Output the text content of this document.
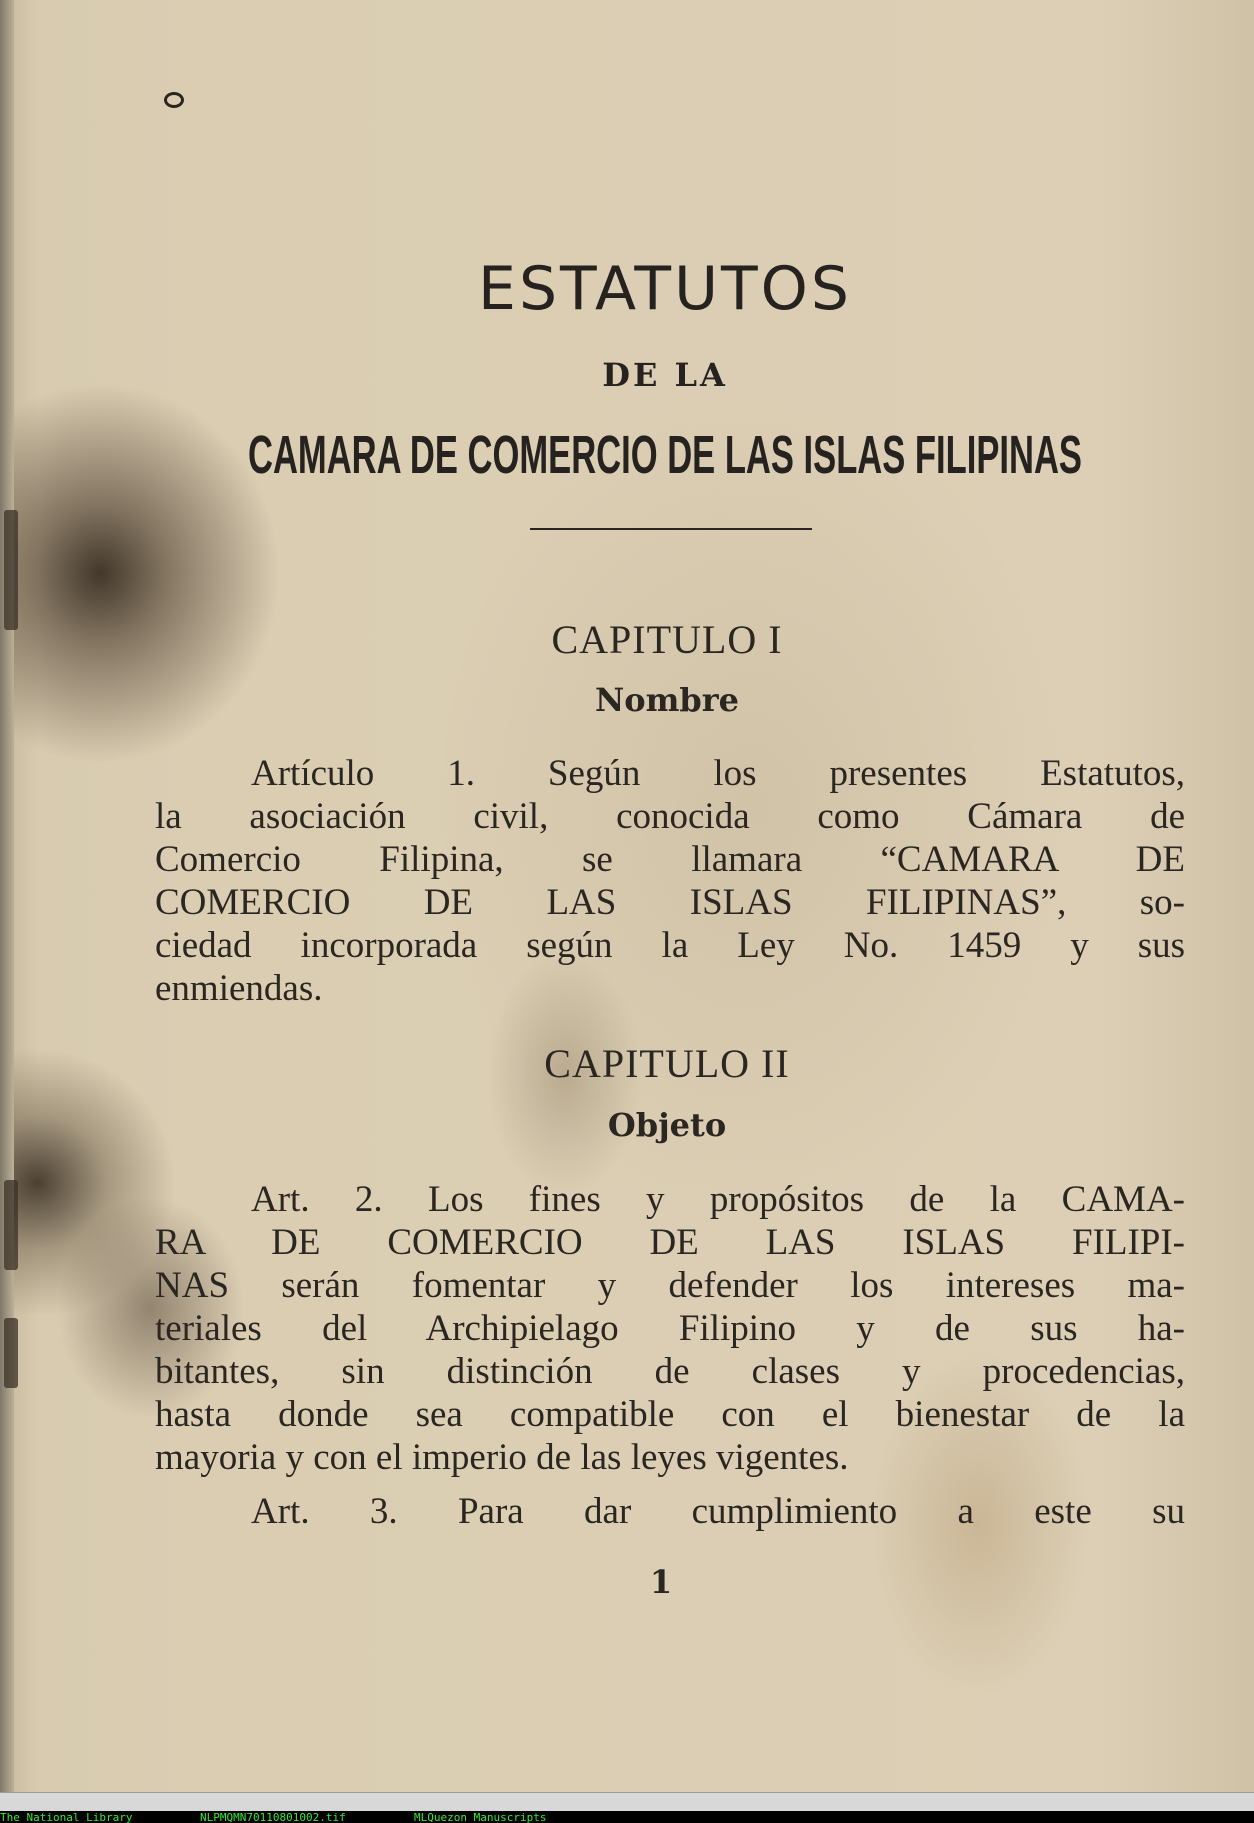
ESTATUTOS
DE LA
CAMARA DE COMERCIO DE LAS ISLAS FILIPINAS
CAPITULO I
Nombre
Artículo 1. Según los presentes Estatutos,
la asociación civil, conocida como Cámara de
Comercio Filipina, se llamara “CAMARA DE
COMERCIO DE LAS ISLAS FILIPINAS”, so-
ciedad incorporada según la Ley No. 1459 y sus
enmiendas.
CAPITULO II
Objeto
Art. 2. Los fines y propósitos de la CAMA-
RA DE COMERCIO DE LAS ISLAS FILIPI-
NAS serán fomentar y defender los intereses ma-
teriales del Archipielago Filipino y de sus ha-
bitantes, sin distinción de clases y procedencias,
hasta donde sea compatible con el bienestar de la
mayoria y con el imperio de las leyes vigentes.
Art. 3. Para dar cumplimiento a este su
1
The National Library	NLPMQMN70110801002.tif	MLQuezon Manuscripts
